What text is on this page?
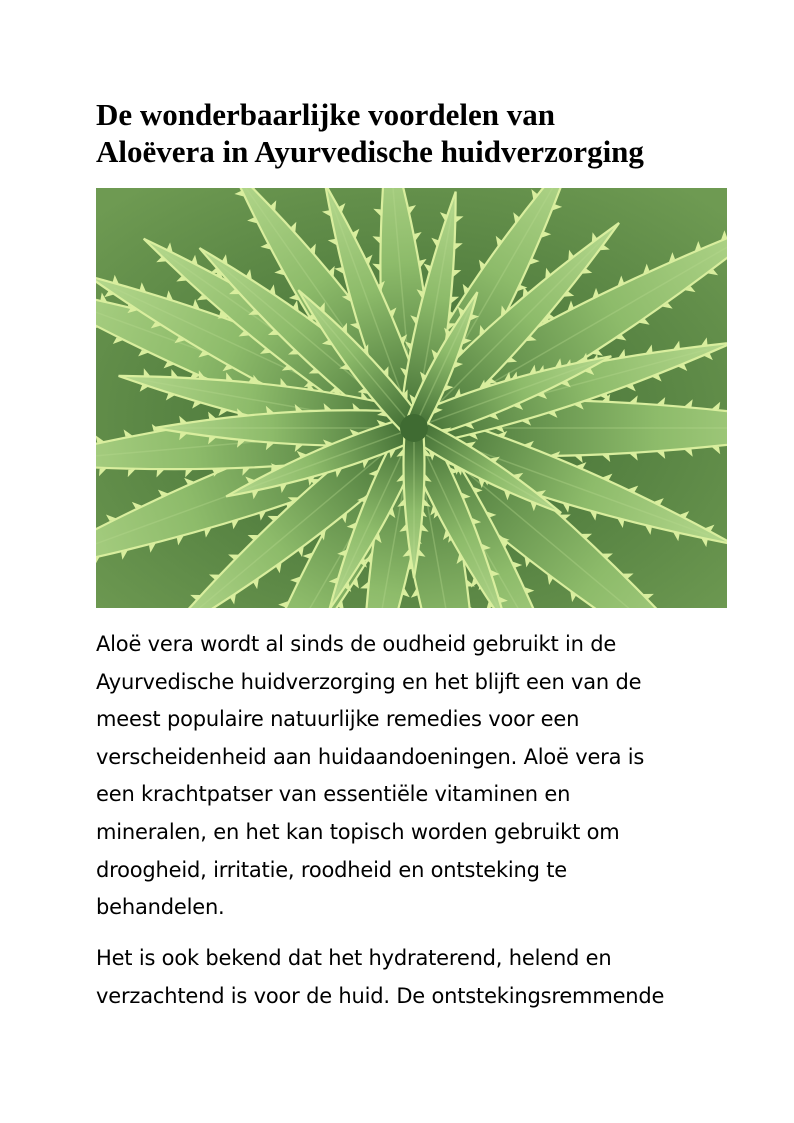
De wonderbaarlijke voordelen van
Aloëvera in Ayurvedische huidverzorging

Aloë vera wordt al sinds de oudheid gebruikt in de
Ayurvedische huidverzorging en het blijft een van de
meest populaire natuurlijke remedies voor een
verscheidenheid aan huidaandoeningen. Aloë vera is
een krachtpatser van essentiële vitaminen en
mineralen, en het kan topisch worden gebruikt om
droogheid, irritatie, roodheid en ontsteking te
behandelen.

Het is ook bekend dat het hydraterend, helend en
verzachtend is voor de huid. De ontstekingsremmende
